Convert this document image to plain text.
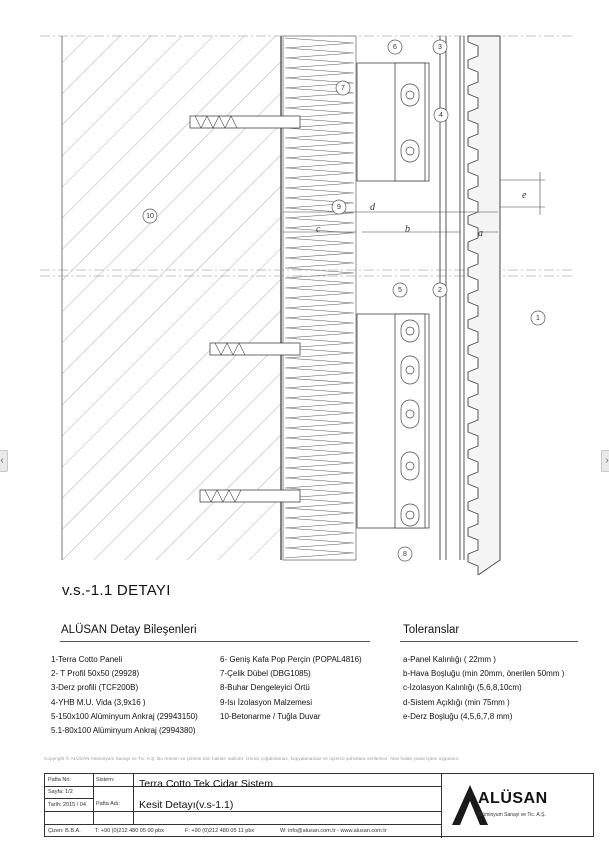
‹	›
1
2
3
4
5
6
7
8
9
10
a
b
c
d
e
v.s.-1.1 DETAYI
ALÜSAN Detay Bileşenleri	Toleranslar
1-Terra Cotto Paneli
2- T Profil 50x50 (29928)
3-Derz profili (TCF200B)
4-YHB M.U. Vida (3,9x16 )
5-150x100 Alüminyum Ankraj (29943150)
5.1-80x100 Alüminyum Ankraj (2994380)
6- Geniş Kafa Pop Perçin (POPAL4816)
7-Çelik Dübel (DBG1085)
8-Buhar Dengeleyici Örtü
9-Isı İzolasyon Malzemesi
10-Betonarme / Tuğla Duvar
a-Panel Kalınlığı ( 22mm )
b-Hava Boşluğu (min 20mm, önerilen 50mm )
c-İzolasyon Kalınlığı (5,6,8,10cm)
d-Sistem Açıklığı (min 75mm )
e-Derz Boşluğu (4,5,6,7,8 mm)
Copyright © ALÜSAN Alüminyum Sanayi ve Tic. A.Ş. Bu resmin ve çizimin tüm hakları saklıdır. İzinsiz çoğaltılamaz, kopyalanamaz ve üçüncü şahıslara verilemez. Aksi halde yasal işlem uygulanır.
Pafta No:
Sayfa: 1/2
Tarih: 2015 / 04
Çizen: B.B.A.
Sistem: Terra Cotto Tek Cidar Sistem
Pafta Adı: Kesit Detayı(v.s-1.1)
T: +90 (0)212 480 05 00 pbx	F: +90 (0)212 480 05 11 pbx	W: info@alusan.com.tr - www.alusan.com.tr
ALÜSAN
Alüminyum Sanayi ve Tic. A.Ş.
